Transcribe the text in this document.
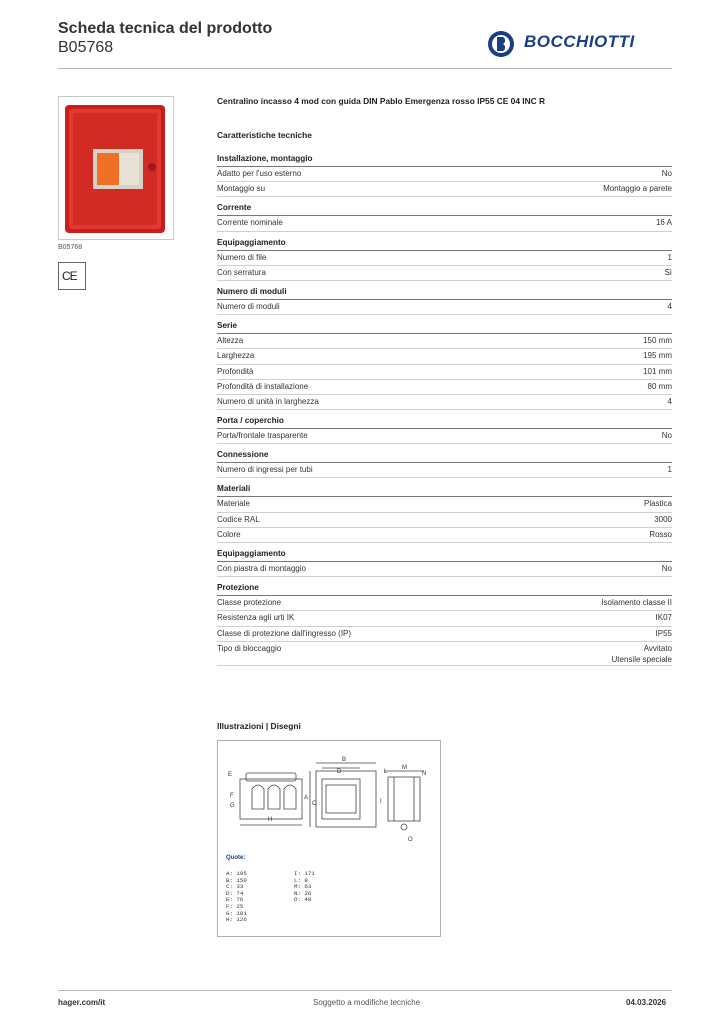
Scheda tecnica del prodotto
B05768	BOCCHIOTTI
B05768
CE
Centralino incasso 4 mod con guida DIN Pablo Emergenza rosso IP55 CE 04 INC R
Caratteristiche tecniche
Installazione, montaggio
Adatto per l'uso esterno	No
Montaggio su	Montaggio a parete
Corrente
Corrente nominale	16 A
Equipaggiamento
Numero di file	1
Con serratura	Sì
Numero di moduli
Numero di moduli	4
Serie
Altezza	150 mm
Larghezza	195 mm
Profondità	101 mm
Profondità di installazione	80 mm
Numero di unità in larghezza	4
Porta / coperchio
Porta/frontale trasparente	No
Connessione
Numero di ingressi per tubi	1
Materiali
Materiale	Plastica
Codice RAL	3000
Colore	Rosso
Equipaggiamento
Con piastra di montaggio	No
Protezione
Classe protezione	Isolamento classe II
Resistenza agli urti IK	IK07
Classe di protezione dall'ingresso (IP)	IP55
Tipo di bloccaggio	Avvitato
Utensile speciale
Illustrazioni | Disegni
E
F
G
H
B
D
A
C	I
L
M
N
O
Quote:
A: 195
B: 150
C: 33
D: 74
E: 76
F: 25
G: 101
H: 126
I: 171
L: 8
M: 63
N: 26
O: 48
hager.com/it	Soggetto a modifiche tecniche	04.03.2026
